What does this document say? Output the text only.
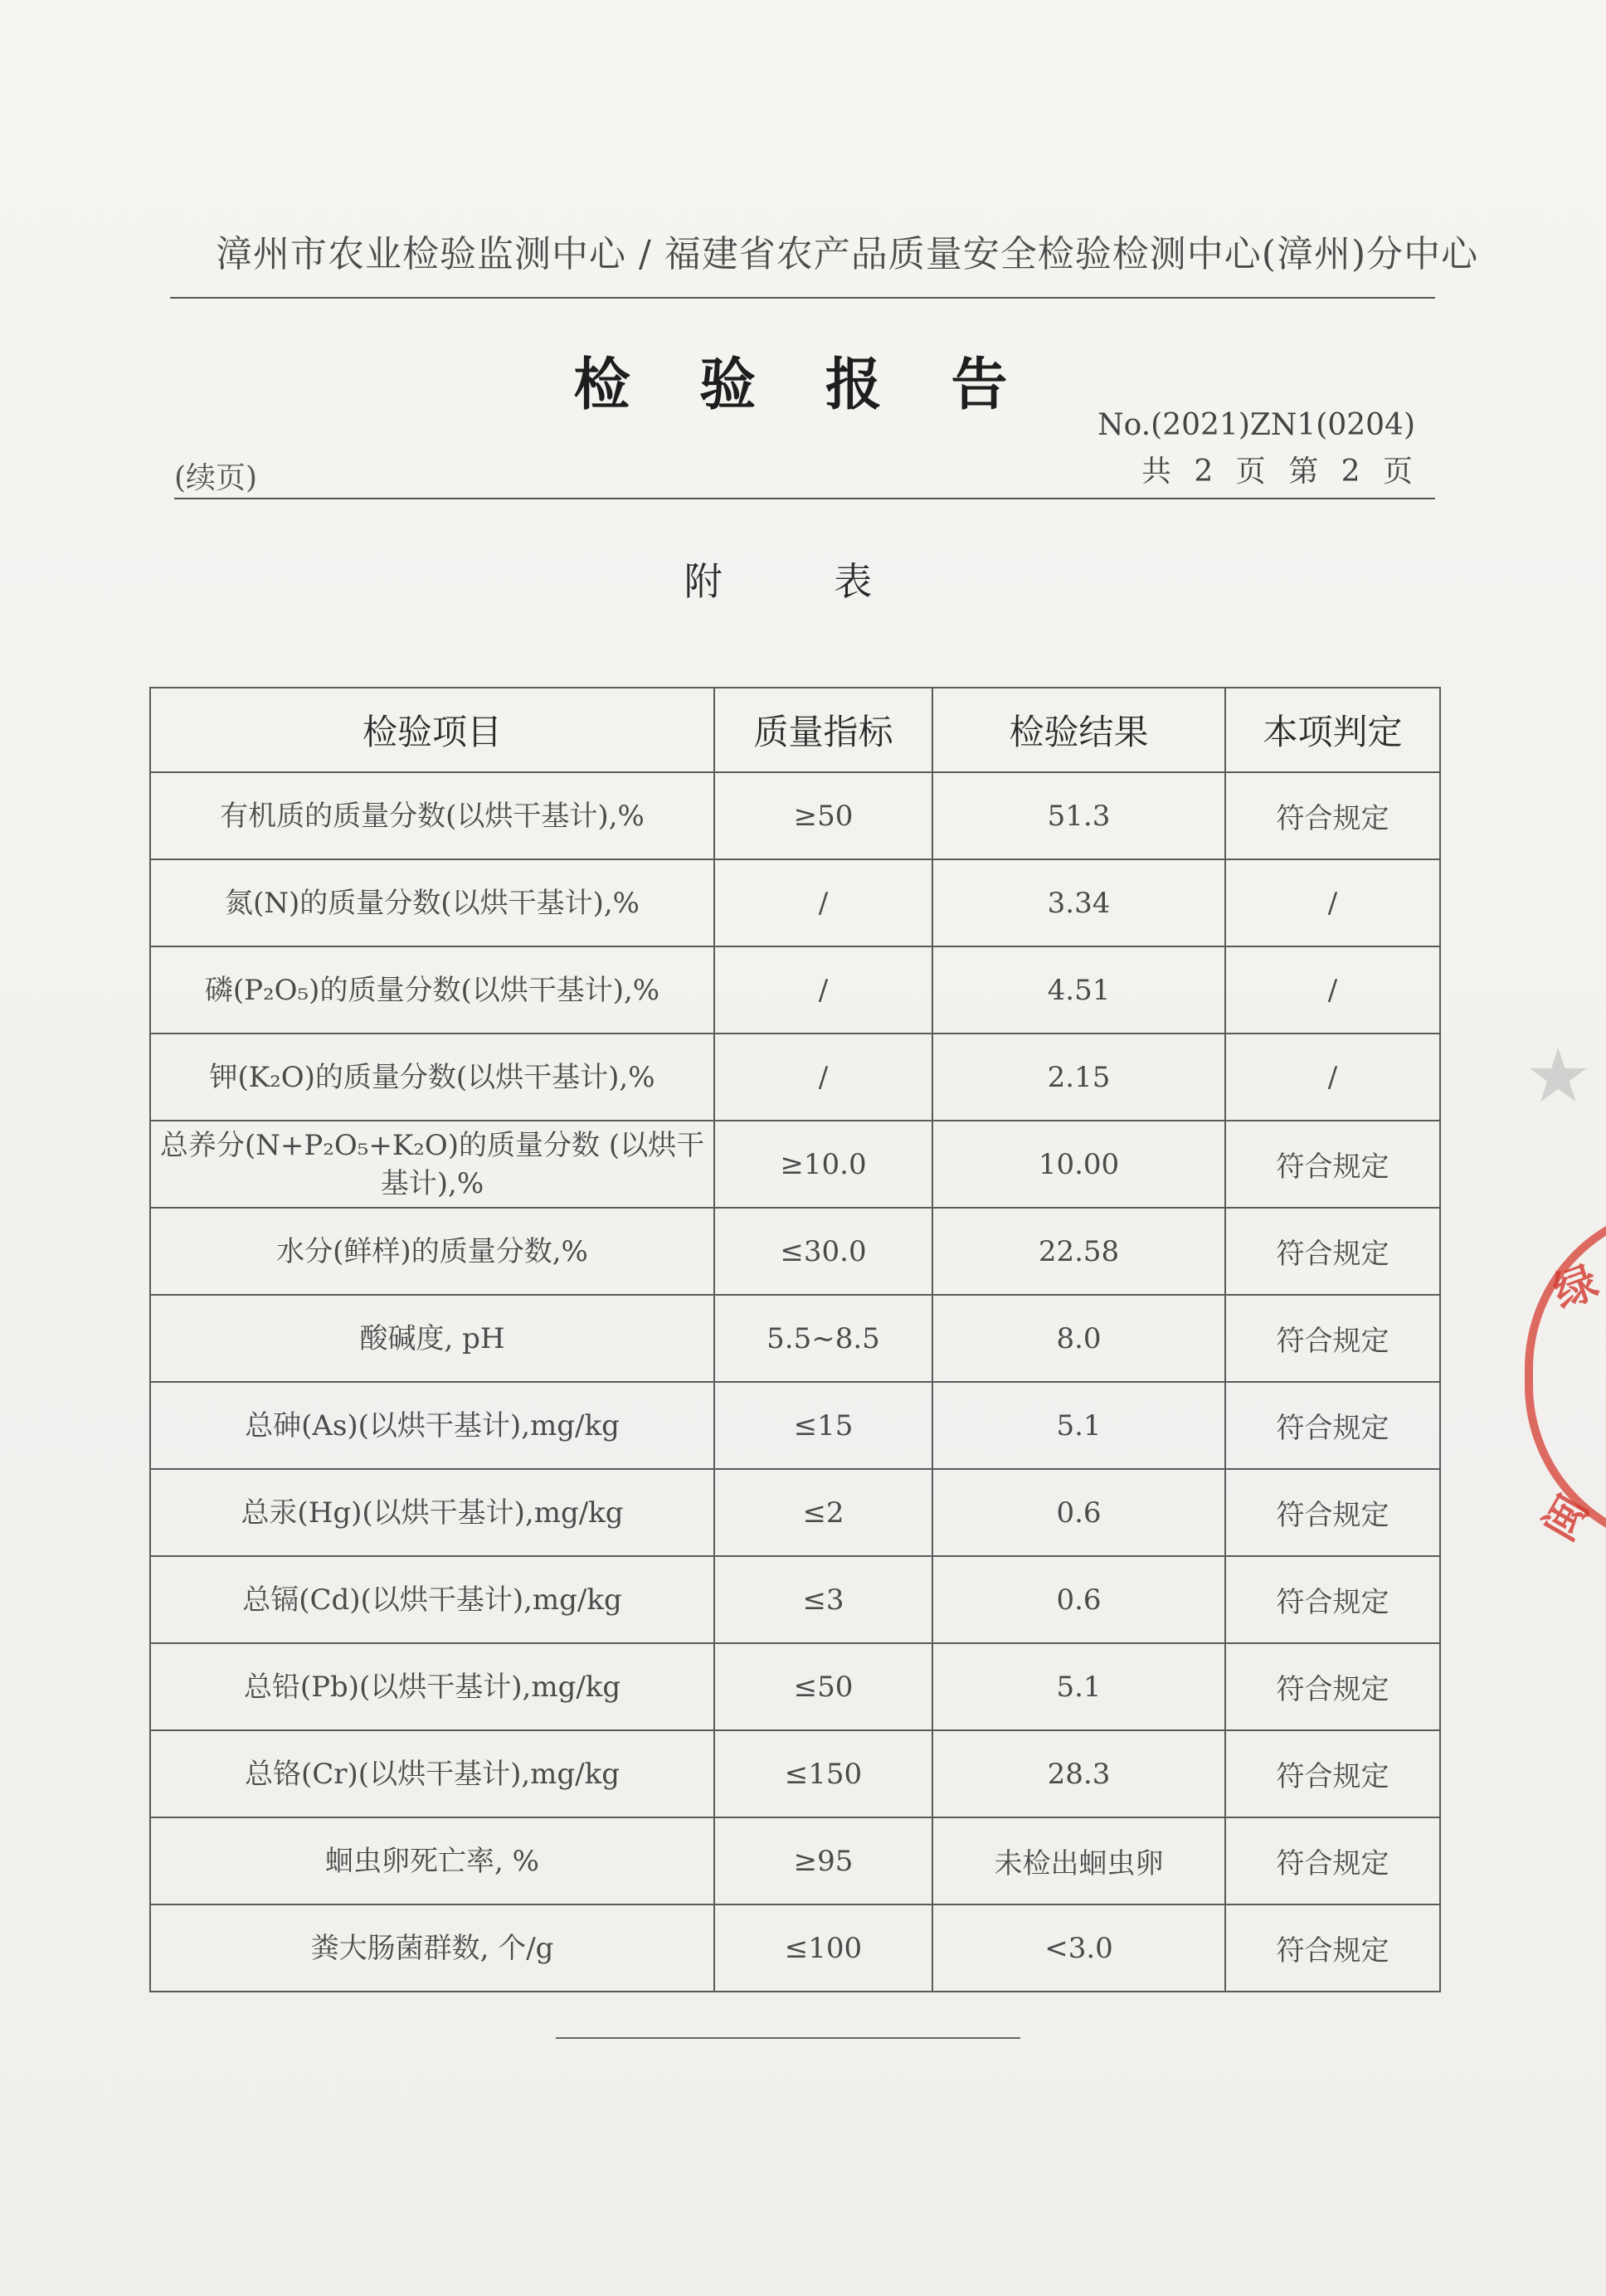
漳州市农业检验监测中心 / 福建省农产品质量安全检验检测中心(漳州)分中心
检 验 报 告
No.(2021)ZN1(0204)
(续页)	共 2 页 第 2 页
附 表
检验项目	质量指标	检验结果	本项判定
有机质的质量分数(以烘干基计),%	≥50	51.3	符合规定
氮(N)的质量分数(以烘干基计),%	/	3.34	/
磷(P₂O₅)的质量分数(以烘干基计),%	/	4.51	/
钾(K₂O)的质量分数(以烘干基计),%	/	2.15	/
总养分(N+P₂O₅+K₂O)的质量分数 (以烘干基计),%	≥10.0	10.00	符合规定
水分(鲜样)的质量分数,%	≤30.0	22.58	符合规定
酸碱度, pH	5.5~8.5	8.0	符合规定
总砷(As)(以烘干基计),mg/kg	≤15	5.1	符合规定
总汞(Hg)(以烘干基计),mg/kg	≤2	0.6	符合规定
总镉(Cd)(以烘干基计),mg/kg	≤3	0.6	符合规定
总铅(Pb)(以烘干基计),mg/kg	≤50	5.1	符合规定
总铬(Cr)(以烘干基计),mg/kg	≤150	28.3	符合规定
蛔虫卵死亡率, %	≥95	未检出蛔虫卵	符合规定
粪大肠菌群数, 个/g	≤100	<3.0	符合规定
★
绿
闽
